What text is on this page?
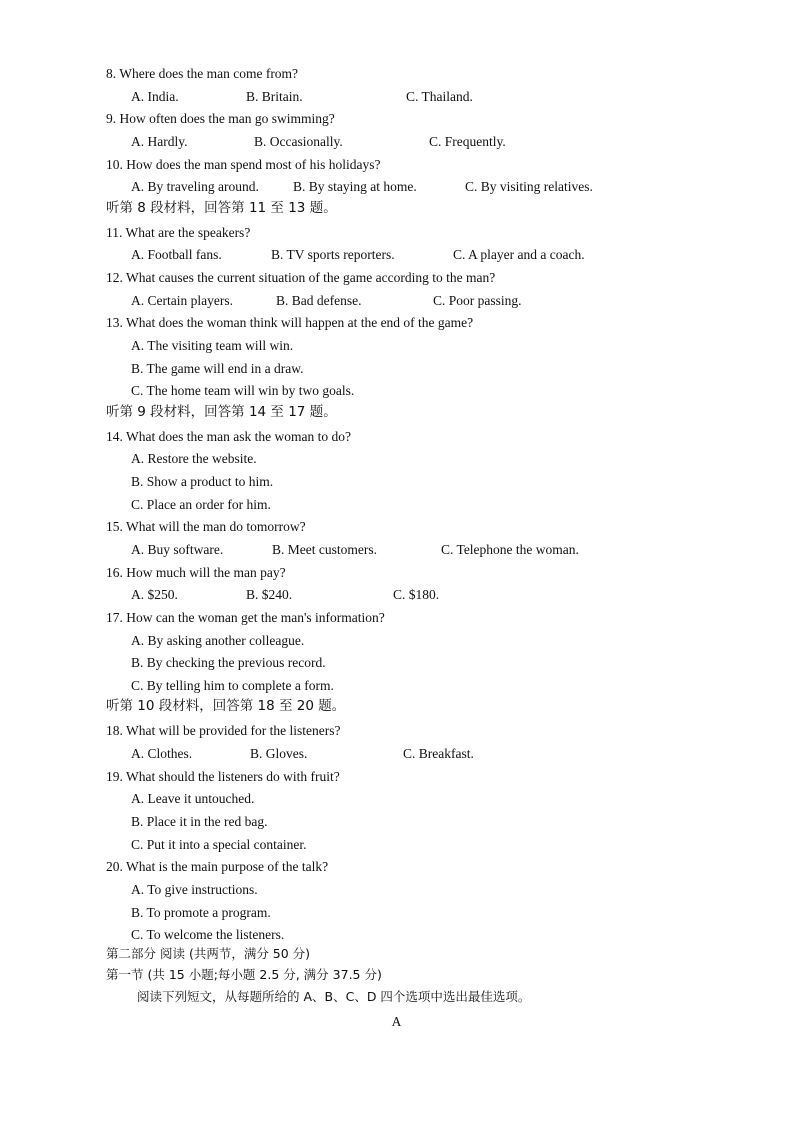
8. Where does the man come from?
A. India.	B. Britain.	C. Thailand.
9. How often does the man go swimming?
A. Hardly.	B. Occasionally.	C. Frequently.
10. How does the man spend most of his holidays?
A. By traveling around.	B. By staying at home.	C. By visiting relatives.
听第 8 段材料，回答第 11 至 13 题。
11. What are the speakers?
A. Football fans.	B. TV sports reporters.	C. A player and a coach.
12. What causes the current situation of the game according to the man?
A. Certain players.	B. Bad defense.	C. Poor passing.
13. What does the woman think will happen at the end of the game?
A. The visiting team will win.
B. The game will end in a draw.
C. The home team will win by two goals.
听第 9 段材料，回答第 14 至 17 题。
14. What does the man ask the woman to do?
A. Restore the website.
B. Show a product to him.
C. Place an order for him.
15. What will the man do tomorrow?
A. Buy software.	B. Meet customers.	C. Telephone the woman.
16. How much will the man pay?
A. $250.	B. $240.	C. $180.
17. How can the woman get the man's information?
A. By asking another colleague.
B. By checking the previous record.
C. By telling him to complete a form.
听第 10 段材料，回答第 18 至 20 题。
18. What will be provided for the listeners?
A. Clothes.	B. Gloves.	C. Breakfast.
19. What should the listeners do with fruit?
A. Leave it untouched.
B. Place it in the red bag.
C. Put it into a special container.
20. What is the main purpose of the talk?
A. To give instructions.
B. To promote a program.
C. To welcome the listeners.
第二部分 阅读 (共两节，满分 50 分)
第一节 (共 15 小题;每小题 2.5 分, 满分 37.5 分)
阅读下列短文，从每题所给的 A、B、C、D 四个选项中选出最佳选项。
A
